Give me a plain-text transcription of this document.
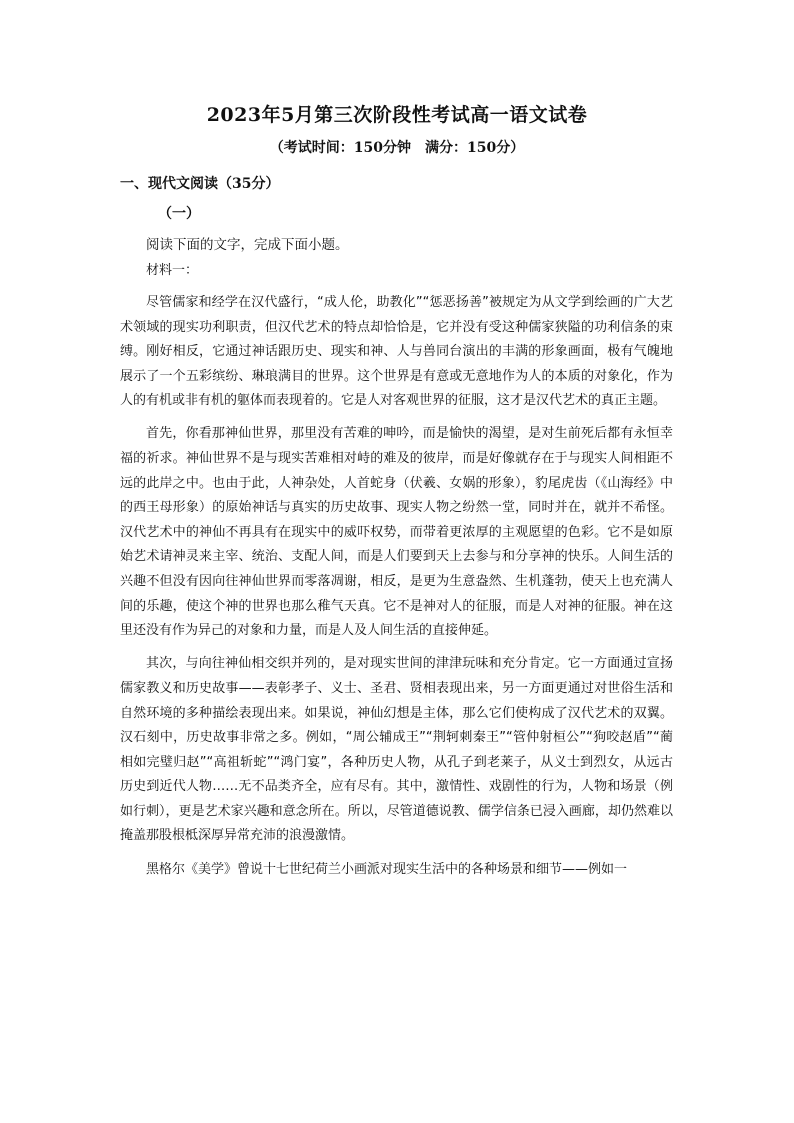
2023年5月第三次阶段性考试高一语文试卷
（考试时间：150分钟　满分：150分）
一、现代文阅读（35分）
（一）
阅读下面的文字，完成下面小题。
材料一：

尽管儒家和经学在汉代盛行，“成人伦，助教化”“惩恶扬善”被规定为从文学到绘画的广大艺术领域的现实功利职责，但汉代艺术的特点却恰恰是，它并没有受这种儒家狭隘的功利信条的束缚。刚好相反，它通过神话跟历史、现实和神、人与兽同台演出的丰满的形象画面，极有气魄地展示了一个五彩缤纷、琳琅满目的世界。这个世界是有意或无意地作为人的本质的对象化，作为人的有机或非有机的躯体而表现着的。它是人对客观世界的征服，这才是汉代艺术的真正主题。

首先，你看那神仙世界，那里没有苦难的呻吟，而是愉快的渴望，是对生前死后都有永恒幸福的祈求。神仙世界不是与现实苦难相对峙的难及的彼岸，而是好像就存在于与现实人间相距不远的此岸之中。也由于此，人神杂处，人首蛇身（伏羲、女娲的形象），豹尾虎齿（《山海经》中的西王母形象）的原始神话与真实的历史故事、现实人物之纷然一堂，同时并在，就并不希怪。汉代艺术中的神仙不再具有在现实中的威吓权势，而带着更浓厚的主观愿望的色彩。它不是如原始艺术请神灵来主宰、统治、支配人间，而是人们要到天上去参与和分享神的快乐。人间生活的兴趣不但没有因向往神仙世界而零落凋谢，相反，是更为生意盎然、生机蓬勃，使天上也充满人间的乐趣，使这个神的世界也那么稚气天真。它不是神对人的征服，而是人对神的征服。神在这里还没有作为异己的对象和力量，而是人及人间生活的直接伸延。

其次，与向往神仙相交织并列的，是对现实世间的津津玩味和充分肯定。它一方面通过宣扬儒家教义和历史故事——表彰孝子、义士、圣君、贤相表现出来，另一方面更通过对世俗生活和自然环境的多种描绘表现出来。如果说，神仙幻想是主体，那么它们使构成了汉代艺术的双翼。汉石刻中，历史故事非常之多。例如，“周公辅成王”“荆轲刺秦王”“管仲射桓公”“狗咬赵盾”“蔺相如完璧归赵”“高祖斩蛇”“鸿门宴”，各种历史人物，从孔子到老莱子，从义士到烈女，从远古历史到近代人物……无不品类齐全，应有尽有。其中，激情性、戏剧性的行为，人物和场景（例如行刺），更是艺术家兴趣和意念所在。所以，尽管道德说教、儒学信条已浸入画廊，却仍然难以掩盖那股根柢深厚异常充沛的浪漫激情。

黑格尔《美学》曾说十七世纪荷兰小画派对现实生活中的各种场景和细节——例如一
